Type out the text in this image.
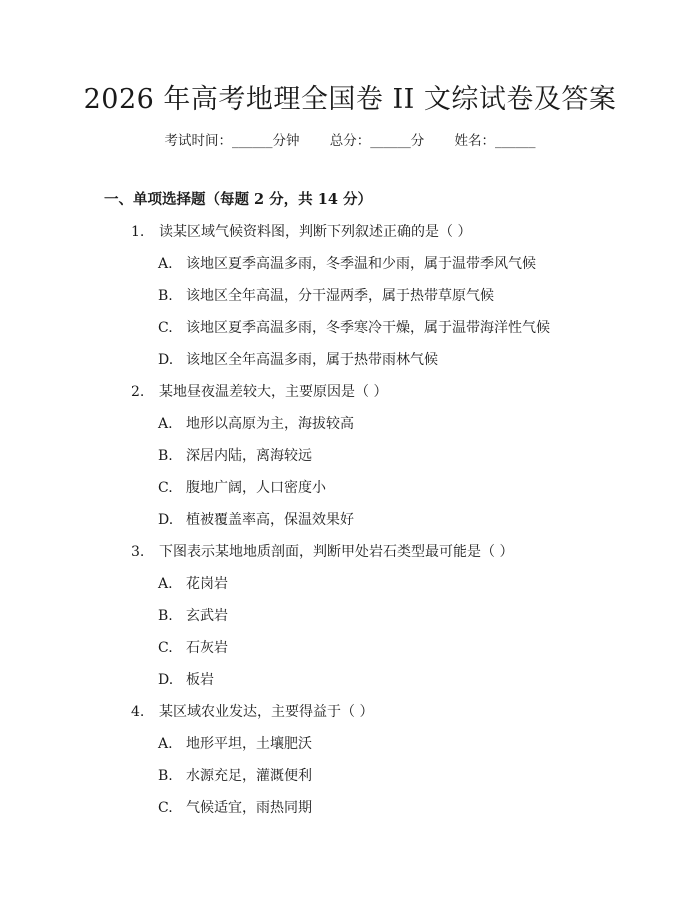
2026 年高考地理全国卷 II 文综试卷及答案
考试时间：______分钟 总分：______分 姓名：______
一、单项选择题（每题 2 分，共 14 分）
1. 读某区域气候资料图，判断下列叙述正确的是（ ）
A. 该地区夏季高温多雨，冬季温和少雨，属于温带季风气候
B. 该地区全年高温，分干湿两季，属于热带草原气候
C. 该地区夏季高温多雨，冬季寒冷干燥，属于温带海洋性气候
D. 该地区全年高温多雨，属于热带雨林气候
2. 某地昼夜温差较大，主要原因是（ ）
A. 地形以高原为主，海拔较高
B. 深居内陆，离海较远
C. 腹地广阔，人口密度小
D. 植被覆盖率高，保温效果好
3. 下图表示某地地质剖面，判断甲处岩石类型最可能是（ ）
A. 花岗岩
B. 玄武岩
C. 石灰岩
D. 板岩
4. 某区域农业发达，主要得益于（ ）
A. 地形平坦，土壤肥沃
B. 水源充足，灌溉便利
C. 气候适宜，雨热同期
